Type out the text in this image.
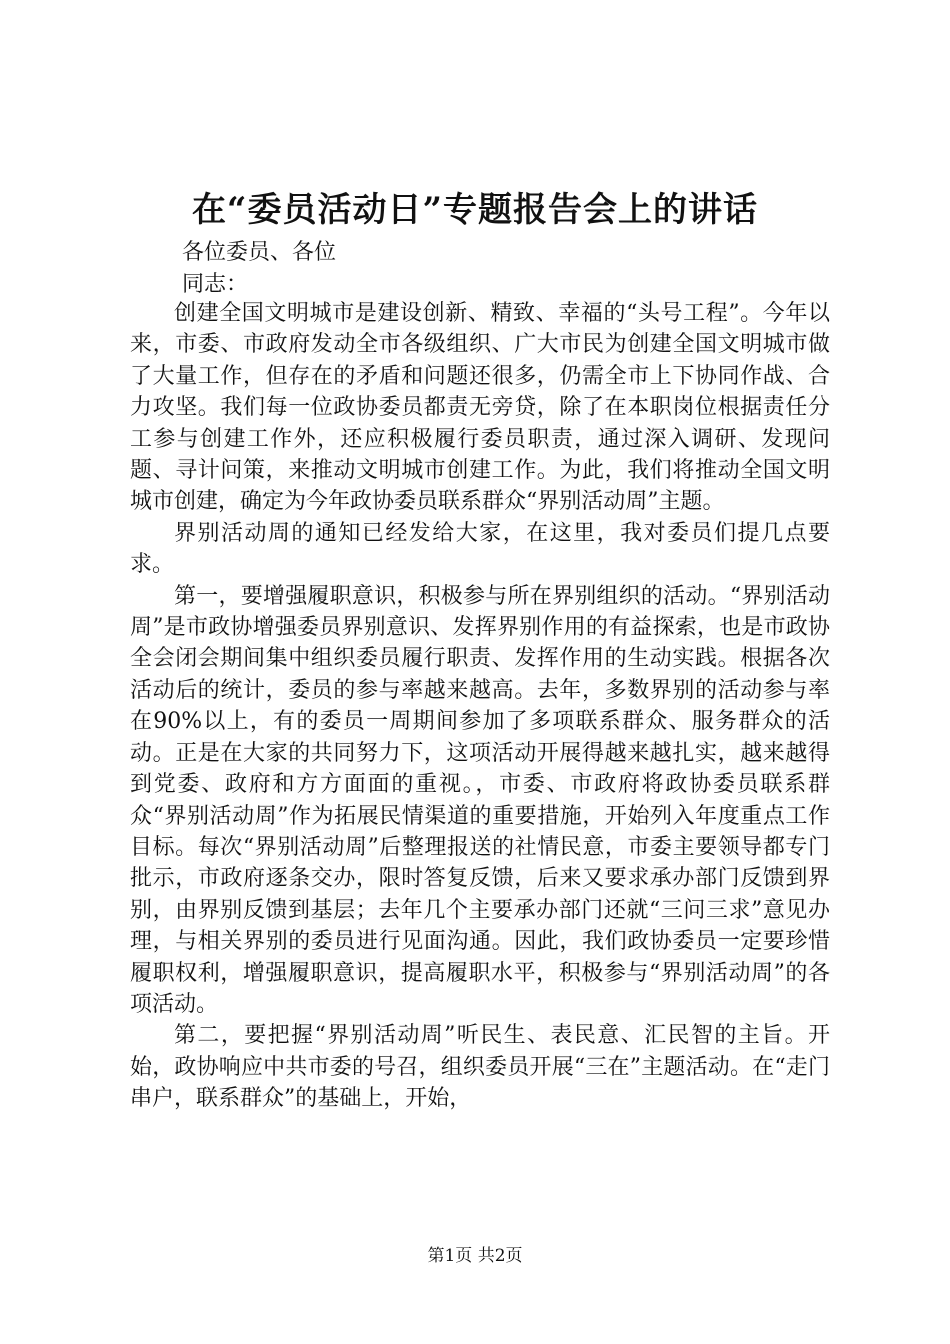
在“委员活动日”专题报告会上的讲话

各位委员、各位

同志：

创建全国文明城市是建设创新、精致、幸福的“头号工程”。今年以来，市委、市政府发动全市各级组织、广大市民为创建全国文明城市做了大量工作，但存在的矛盾和问题还很多，仍需全市上下协同作战、合力攻坚。我们每一位政协委员都责无旁贷，除了在本职岗位根据责任分工参与创建工作外，还应积极履行委员职责，通过深入调研、发现问题、寻计问策，来推动文明城市创建工作。为此，我们将推动全国文明城市创建，确定为今年政协委员联系群众“界别活动周”主题。

界别活动周的通知已经发给大家，在这里，我对委员们提几点要求。

第一，要增强履职意识，积极参与所在界别组织的活动。“界别活动周”是市政协增强委员界别意识、发挥界别作用的有益探索，也是市政协全会闭会期间集中组织委员履行职责、发挥作用的生动实践。根据各次活动后的统计，委员的参与率越来越高。去年，多数界别的活动参与率在90%以上，有的委员一周期间参加了多项联系群众、服务群众的活动。正是在大家的共同努力下，这项活动开展得越来越扎实，越来越得到党委、政府和方方面面的重视。，市委、市政府将政协委员联系群众“界别活动周”作为拓展民情渠道的重要措施，开始列入年度重点工作目标。每次“界别活动周”后整理报送的社情民意，市委主要领导都专门批示，市政府逐条交办，限时答复反馈，后来又要求承办部门反馈到界别，由界别反馈到基层；去年几个主要承办部门还就“三问三求”意见办理，与相关界别的委员进行见面沟通。因此，我们政协委员一定要珍惜履职权利，增强履职意识，提高履职水平，积极参与“界别活动周”的各项活动。

第二，要把握“界别活动周”听民生、表民意、汇民智的主旨。开始，政协响应中共市委的号召，组织委员开展“三在”主题活动。在“走门串户，联系群众”的基础上，开始，

第1页 共2页
